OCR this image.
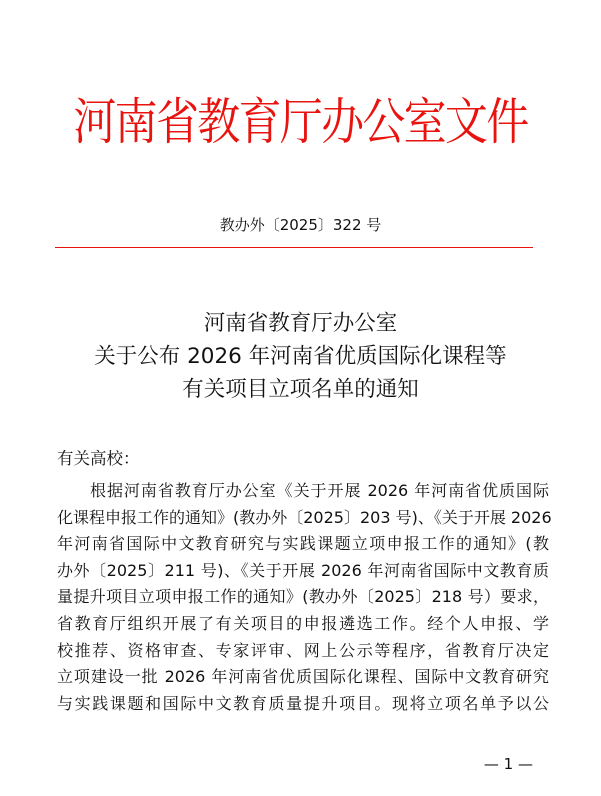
河南省教育厅办公室文件
教办外〔2025〕322 号
河南省教育厅办公室
关于公布 2026 年河南省优质国际化课程等
有关项目立项名单的通知
有关高校：
根据河南省教育厅办公室《关于开展 2026 年河南省优质国际
化课程申报工作的通知》(教办外〔2025〕203 号)、《关于开展 2026
年河南省国际中文教育研究与实践课题立项申报工作的通知》(教
办外〔2025〕211 号)、《关于开展 2026 年河南省国际中文教育质
量提升项目立项申报工作的通知》(教办外〔2025〕218 号）要求，
省教育厅组织开展了有关项目的申报遴选工作。经个人申报、学
校推荐、资格审查、专家评审、网上公示等程序，省教育厅决定
立项建设一批 2026 年河南省优质国际化课程、国际中文教育研究
与实践课题和国际中文教育质量提升项目。现将立项名单予以公
— 1 —
